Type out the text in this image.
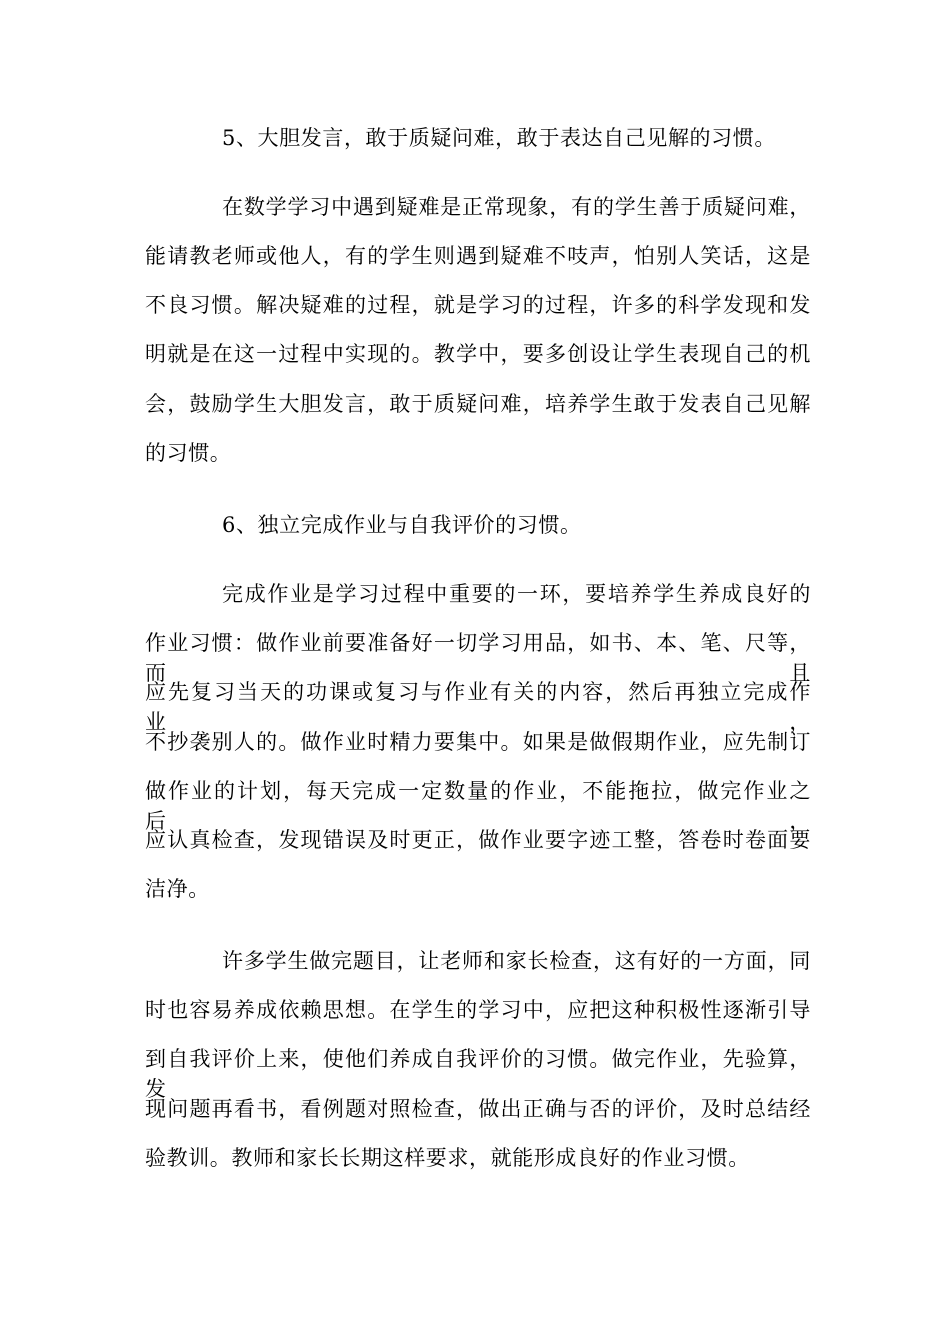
5、大胆发言，敢于质疑问难，敢于表达自己见解的习惯。
在数学学习中遇到疑难是正常现象，有的学生善于质疑问难，
能请教老师或他人，有的学生则遇到疑难不吱声，怕别人笑话，这是
不良习惯。解决疑难的过程，就是学习的过程，许多的科学发现和发
明就是在这一过程中实现的。教学中，要多创设让学生表现自己的机
会，鼓励学生大胆发言，敢于质疑问难，培养学生敢于发表自己见解
的习惯。
6、独立完成作业与自我评价的习惯。
完成作业是学习过程中重要的一环，要培养学生养成良好的
作业习惯：做作业前要准备好一切学习用品，如书、本、笔、尺等，而且
应先复习当天的功课或复习与作业有关的内容，然后再独立完成作业，
不抄袭别人的。做作业时精力要集中。如果是做假期作业，应先制订
做作业的计划，每天完成一定数量的作业，不能拖拉，做完作业之后，
应认真检查，发现错误及时更正，做作业要字迹工整，答卷时卷面要
洁净。
许多学生做完题目，让老师和家长检查，这有好的一方面，同
时也容易养成依赖思想。在学生的学习中，应把这种积极性逐渐引导
到自我评价上来，使他们养成自我评价的习惯。做完作业，先验算，发
现问题再看书，看例题对照检查，做出正确与否的评价，及时总结经
验教训。教师和家长长期这样要求，就能形成良好的作业习惯。
